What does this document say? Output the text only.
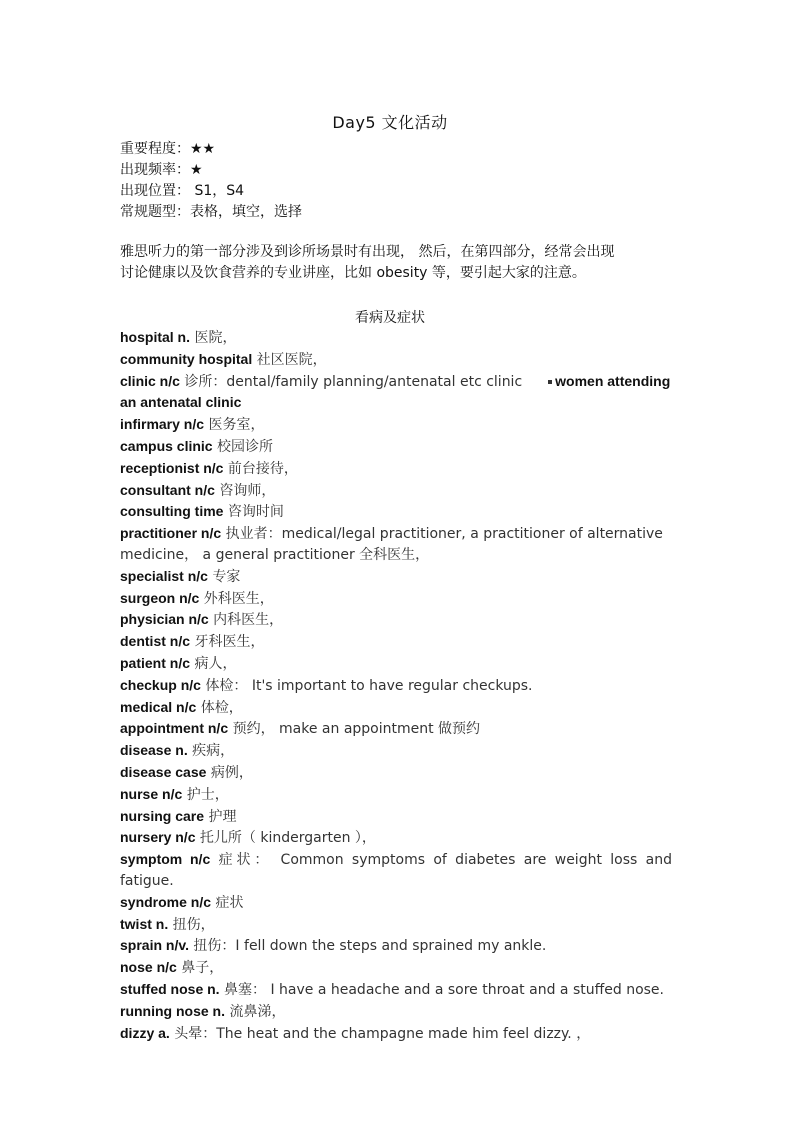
Day5 文化活动
重要程度：★★
出现频率：★
出现位置： S1，S4
常规题型：表格，填空，选择

雅思听力的第一部分涉及到诊所场景时有出现， 然后，在第四部分，经常会出现

讨论健康以及饮食营养的专业讲座，比如 obesity 等，要引起大家的注意。

看病及症状

hospital n. 医院，

community hospital 社区医院，

clinic n/c 诊所：dental/family planning/antenatal etc clinic women attending an antenatal clinic

infirmary n/c 医务室，

campus clinic 校园诊所

receptionist n/c 前台接待，

consultant n/c 咨询师，

consulting time 咨询时间

practitioner n/c 执业者：medical/legal practitioner, a practitioner of alternative medicine， a general practitioner 全科医生，

specialist n/c 专家

surgeon n/c 外科医生，

physician n/c 内科医生，

dentist n/c 牙科医生，

patient n/c 病人，

checkup n/c 体检： It's important to have regular checkups.

medical n/c 体检，

appointment n/c 预约， make an appointment 做预约

disease n. 疾病，

disease case 病例，

nurse n/c 护士，

nursing care 护理

nursery n/c 托儿所（ kindergarten ），

symptom n/c 症状： Common symptoms of diabetes are weight loss and fatigue.

syndrome n/c 症状

twist n. 扭伤，

sprain n/v. 扭伤：I fell down the steps and sprained my ankle.

nose n/c 鼻子，

stuffed nose n. 鼻塞： I have a headache and a sore throat and a stuffed nose.

running nose n. 流鼻涕，

dizzy a. 头晕：The heat and the champagne made him feel dizzy. ，
